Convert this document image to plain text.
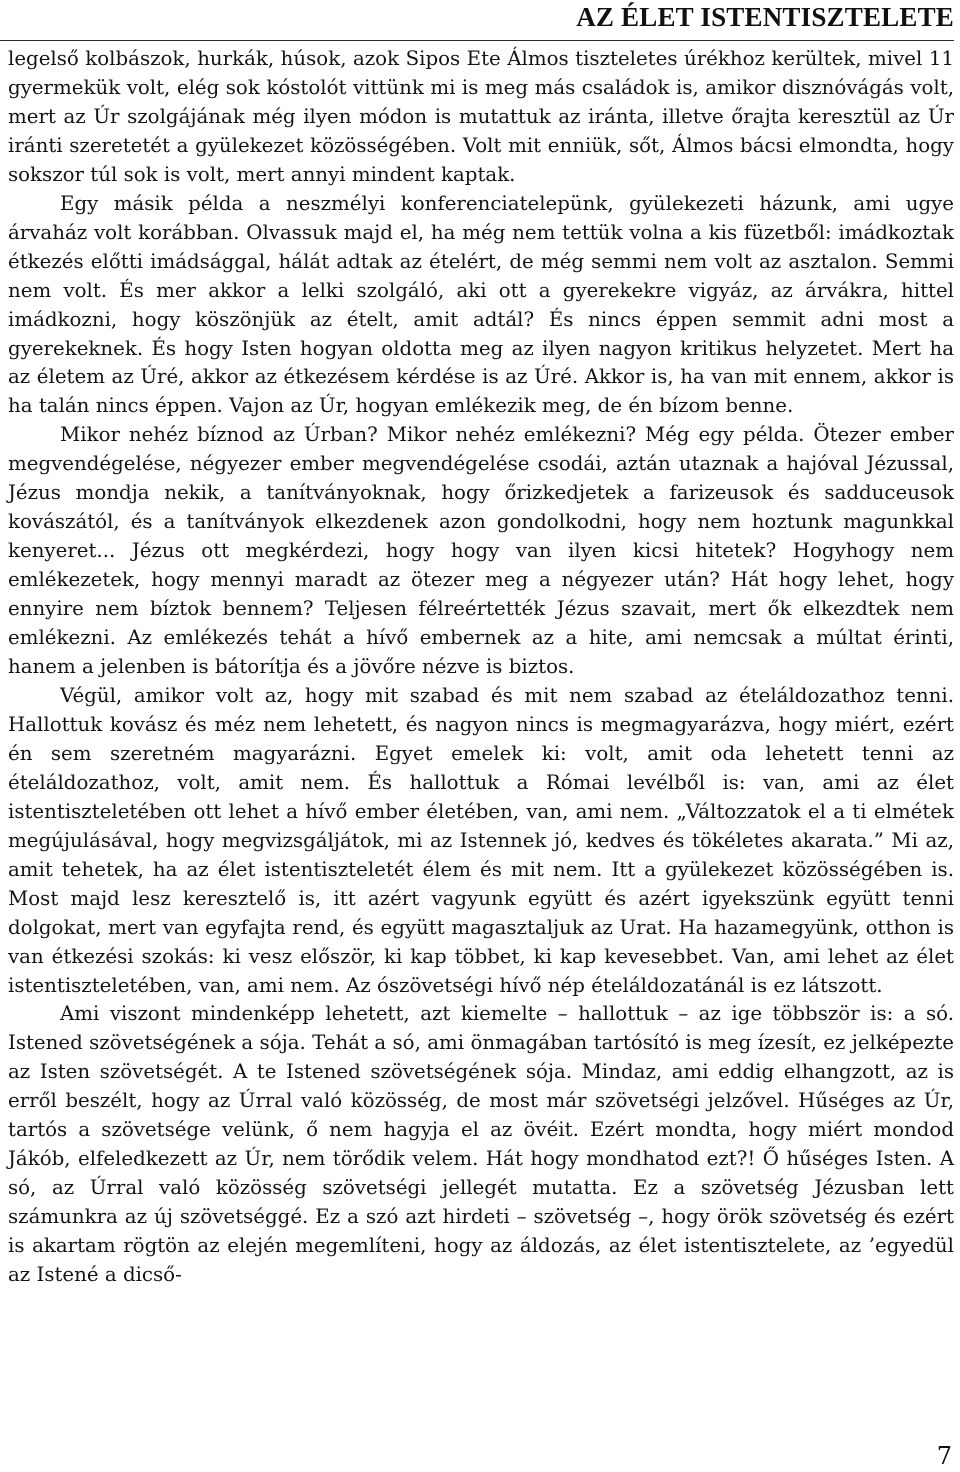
AZ ÉLET ISTENTISZTELETE

legelső kolbászok, hurkák, húsok, azok Sipos Ete Álmos tiszteletes úrékhoz kerültek, mivel 11 gyermekük volt, elég sok kóstolót vittünk mi is meg más családok is, amikor disznóvágás volt, mert az Úr szolgájának még ilyen módon is mutattuk az iránta, illetve őrajta keresztül az Úr iránti szeretetét a gyülekezet közösségében. Volt mit enniük, sőt, Álmos bácsi elmondta, hogy sokszor túl sok is volt, mert annyi mindent kaptak.

Egy másik példa a neszmélyi konferenciatelepünk, gyülekezeti házunk, ami ugye árvaház volt korábban. Olvassuk majd el, ha még nem tettük volna a kis füzetből: imádkoztak étkezés előtti imádsággal, hálát adtak az ételért, de még semmi nem volt az asztalon. Semmi nem volt. És mer akkor a lelki szolgáló, aki ott a gyerekekre vigyáz, az árvákra, hittel imádkozni, hogy köszönjük az ételt, amit adtál? És nincs éppen semmit adni most a gyerekeknek. És hogy Isten hogyan oldotta meg az ilyen nagyon kritikus helyzetet. Mert ha az életem az Úré, akkor az étkezésem kérdése is az Úré. Akkor is, ha van mit ennem, akkor is ha talán nincs éppen. Vajon az Úr, hogyan emlékezik meg, de én bízom benne.

Mikor nehéz bíznod az Úrban? Mikor nehéz emlékezni? Még egy példa. Ötezer ember megvendégelése, négyezer ember megvendégelése csodái, aztán utaznak a hajóval Jézussal, Jézus mondja nekik, a tanítványoknak, hogy őrizkedjetek a farizeusok és sadduceusok kovászától, és a tanítványok elkezdenek azon gondolkodni, hogy nem hoztunk magunkkal kenyeret... Jézus ott megkérdezi, hogy hogy van ilyen kicsi hitetek? Hogyhogy nem emlékezetek, hogy mennyi maradt az ötezer meg a négyezer után? Hát hogy lehet, hogy ennyire nem bíztok bennem? Teljesen félreértették Jézus szavait, mert ők elkezdtek nem emlékezni. Az emlékezés tehát a hívő embernek az a hite, ami nemcsak a múltat érinti, hanem a jelenben is bátorítja és a jövőre nézve is biztos.

Végül, amikor volt az, hogy mit szabad és mit nem szabad az ételáldozathoz tenni. Hallottuk kovász és méz nem lehetett, és nagyon nincs is megmagyarázva, hogy miért, ezért én sem szeretném magyarázni. Egyet emelek ki: volt, amit oda lehetett tenni az ételáldozathoz, volt, amit nem. És hallottuk a Római levélből is: van, ami az élet istentiszteletében ott lehet a hívő ember életében, van, ami nem. „Változzatok el a ti elmétek megújulásával, hogy megvizsgáljátok, mi az Istennek jó, kedves és tökéletes akarata.” Mi az, amit tehetek, ha az élet istentiszteletét élem és mit nem. Itt a gyülekezet közösségében is. Most majd lesz keresztelő is, itt azért vagyunk együtt és azért igyekszünk együtt tenni dolgokat, mert van egyfajta rend, és együtt magasztaljuk az Urat. Ha hazamegyünk, otthon is van étkezési szokás: ki vesz először, ki kap többet, ki kap kevesebbet. Van, ami lehet az élet istentiszteletében, van, ami nem. Az ószövetségi hívő nép ételáldozatánál is ez látszott.

Ami viszont mindenképp lehetett, azt kiemelte – hallottuk – az ige többször is: a só. Istened szövetségének a sója. Tehát a só, ami önmagában tartósító is meg ízesít, ez jelképezte az Isten szövetségét. A te Istened szövetségének sója. Mindaz, ami eddig elhangzott, az is erről beszélt, hogy az Úrral való közösség, de most már szövetségi jelzővel. Hűséges az Úr, tartós a szövetsége velünk, ő nem hagyja el az övéit. Ezért mondta, hogy miért mondod Jákób, elfeledkezett az Úr, nem törődik velem. Hát hogy mondhatod ezt?! Ő hűséges Isten. A só, az Úrral való közösség szövetségi jellegét mutatta. Ez a szövetség Jézusban lett számunkra az új szövetséggé. Ez a szó azt hirdeti – szövetség –, hogy örök szövetség és ezért is akartam rögtön az elején megemlíteni, hogy az áldozás, az élet istentisztelete, az ’egyedül az Istené a dicső-

7
